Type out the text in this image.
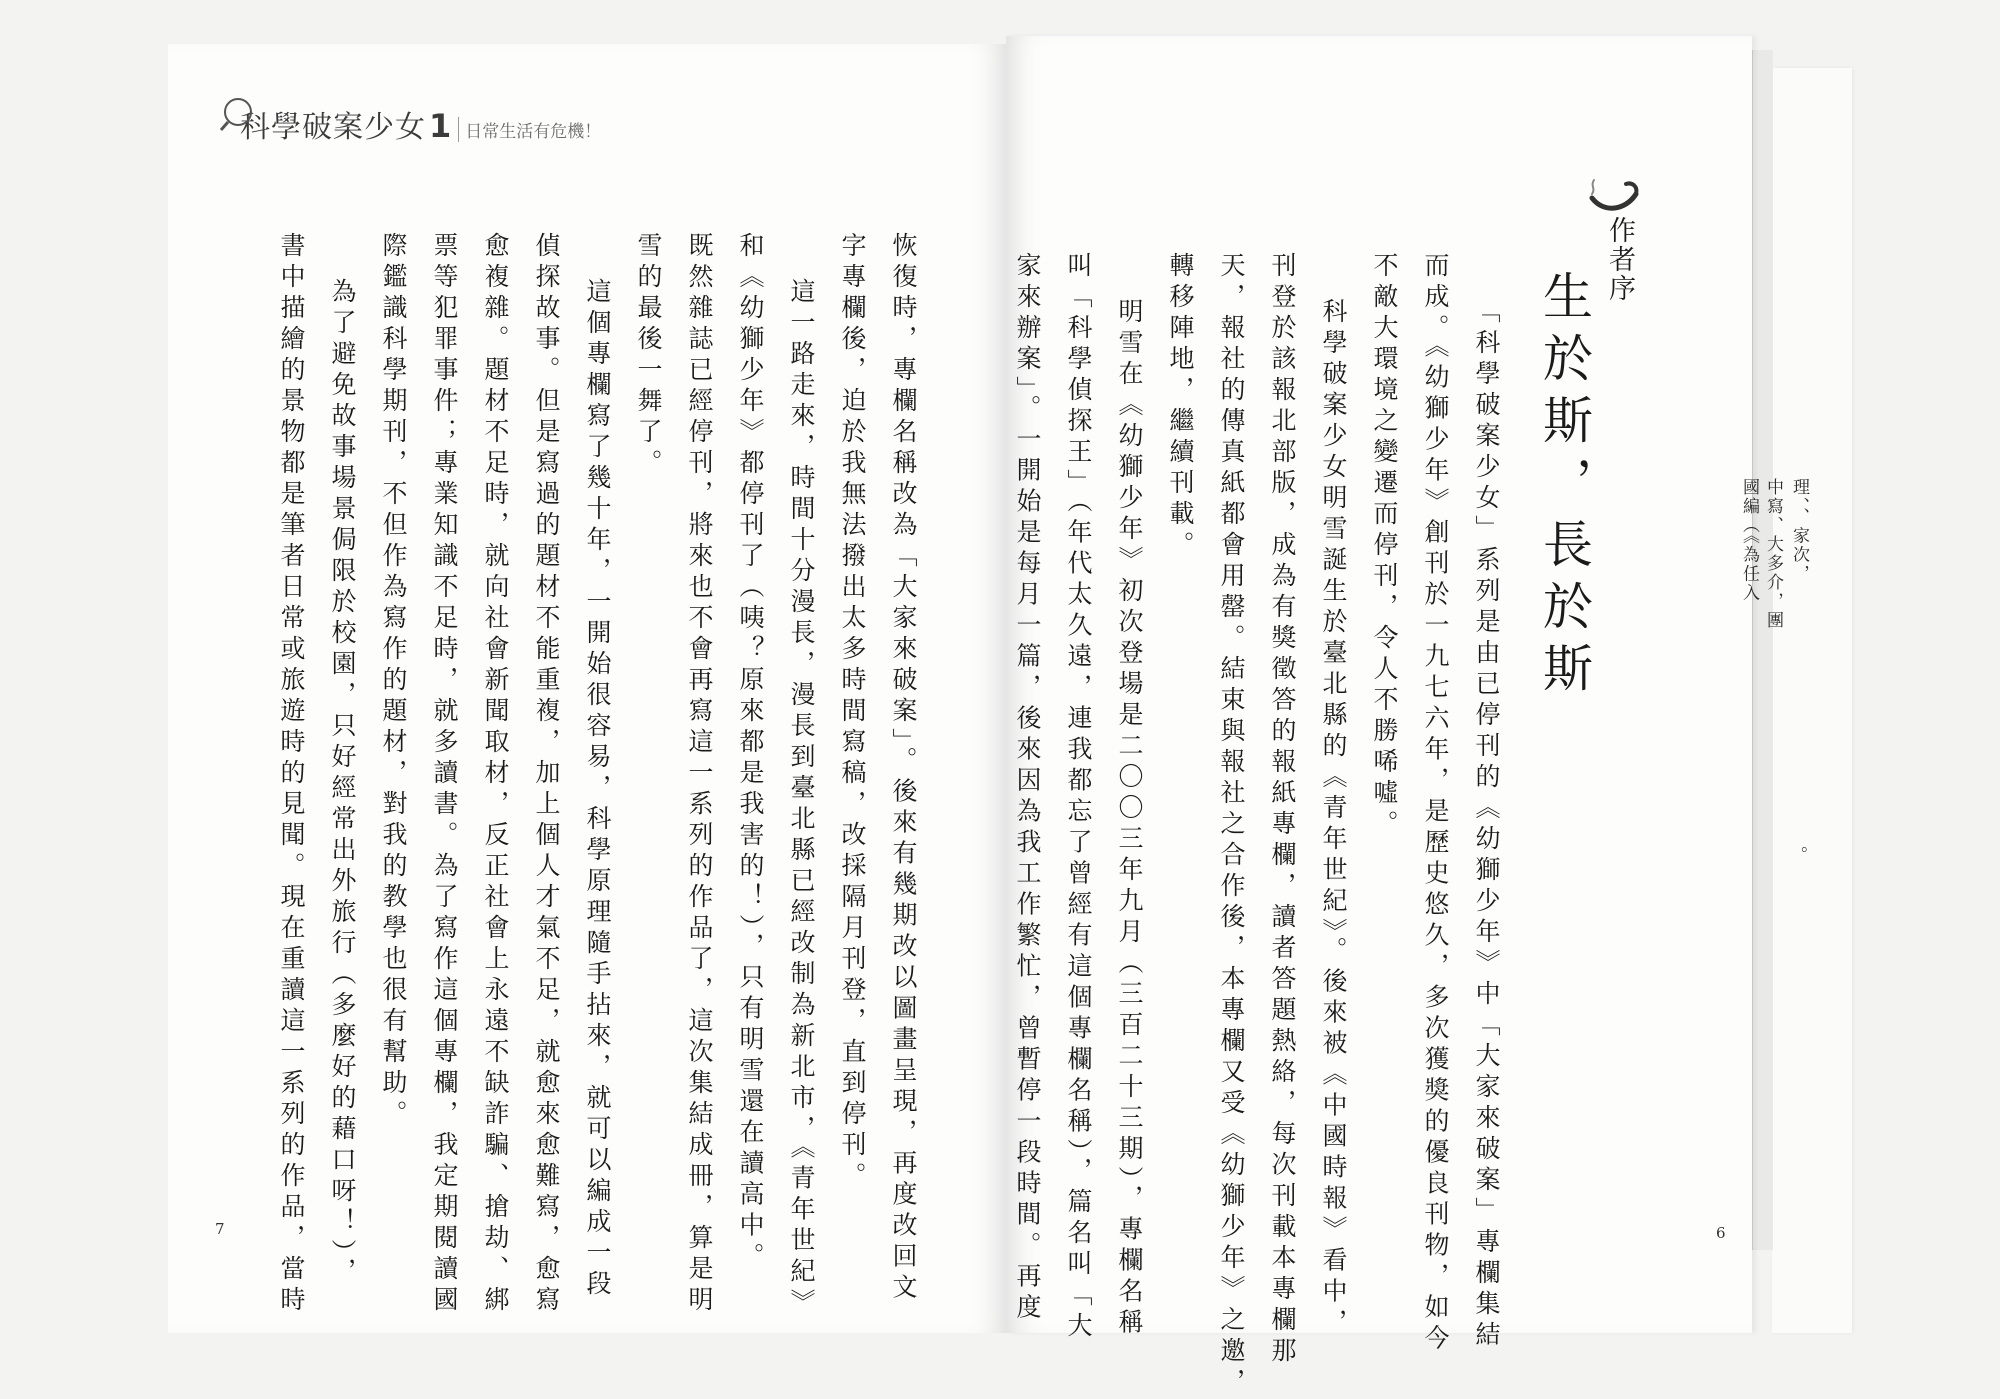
科學破案少女1 日常生活有危機！
作者序
生於斯，長於斯
「科學破案少女」系列是由已停刊的《幼獅少年》中「大家來破案」專欄集結
而成。《幼獅少年》創刊於一九七六年，是歷史悠久，多次獲獎的優良刊物，如今
不敵大環境之變遷而停刊，令人不勝唏噓。
科學破案少女明雪誕生於臺北縣的《青年世紀》。後來被《中國時報》看中，
刊登於該報北部版，成為有獎徵答的報紙專欄，讀者答題熱絡，每次刊載本專欄那
天，報社的傳真紙都會用罄。結束與報社之合作後，本專欄又受《幼獅少年》之邀，
轉移陣地，繼續刊載。
明雪在《幼獅少年》初次登場是二〇〇三年九月（三百二十三期），專欄名稱
叫「科學偵探王」（年代太久遠，連我都忘了曾經有這個專欄名稱），篇名叫「大
家來辦案」。一開始是每月一篇，後來因為我工作繁忙，曾暫停一段時間。再度
恢復時，專欄名稱改為「大家來破案」。後來有幾期改以圖畫呈現，再度改回文
字專欄後，迫於我無法撥出太多時間寫稿，改採隔月刊登，直到停刊。
這一路走來，時間十分漫長，漫長到臺北縣已經改制為新北市，《青年世紀》
和《幼獅少年》都停刊了（咦？原來都是我害的！），只有明雪還在讀高中。
既然雜誌已經停刊，將來也不會再寫這一系列的作品了，這次集結成冊，算是明
雪的最後一舞了。
這個專欄寫了幾十年，一開始很容易，科學原理隨手拈來，就可以編成一段
偵探故事。但是寫過的題材不能重複，加上個人才氣不足，就愈來愈難寫，愈寫
愈複雜。題材不足時，就向社會新聞取材，反正社會上永遠不缺詐騙、搶劫、綁
票等犯罪事件；專業知識不足時，就多讀書。為了寫作這個專欄，我定期閱讀國
際鑑識科學期刊，不但作為寫作的題材，對我的教學也很有幫助。
為了避免故事場景侷限於校園，只好經常出外旅行（多麼好的藉口呀！），
書中描繪的景物都是筆者日常或旅遊時的見聞。現在重讀這一系列的作品，當時	理、、家次，
中寫、大多介，團
國編（《為任入
。
7	6
